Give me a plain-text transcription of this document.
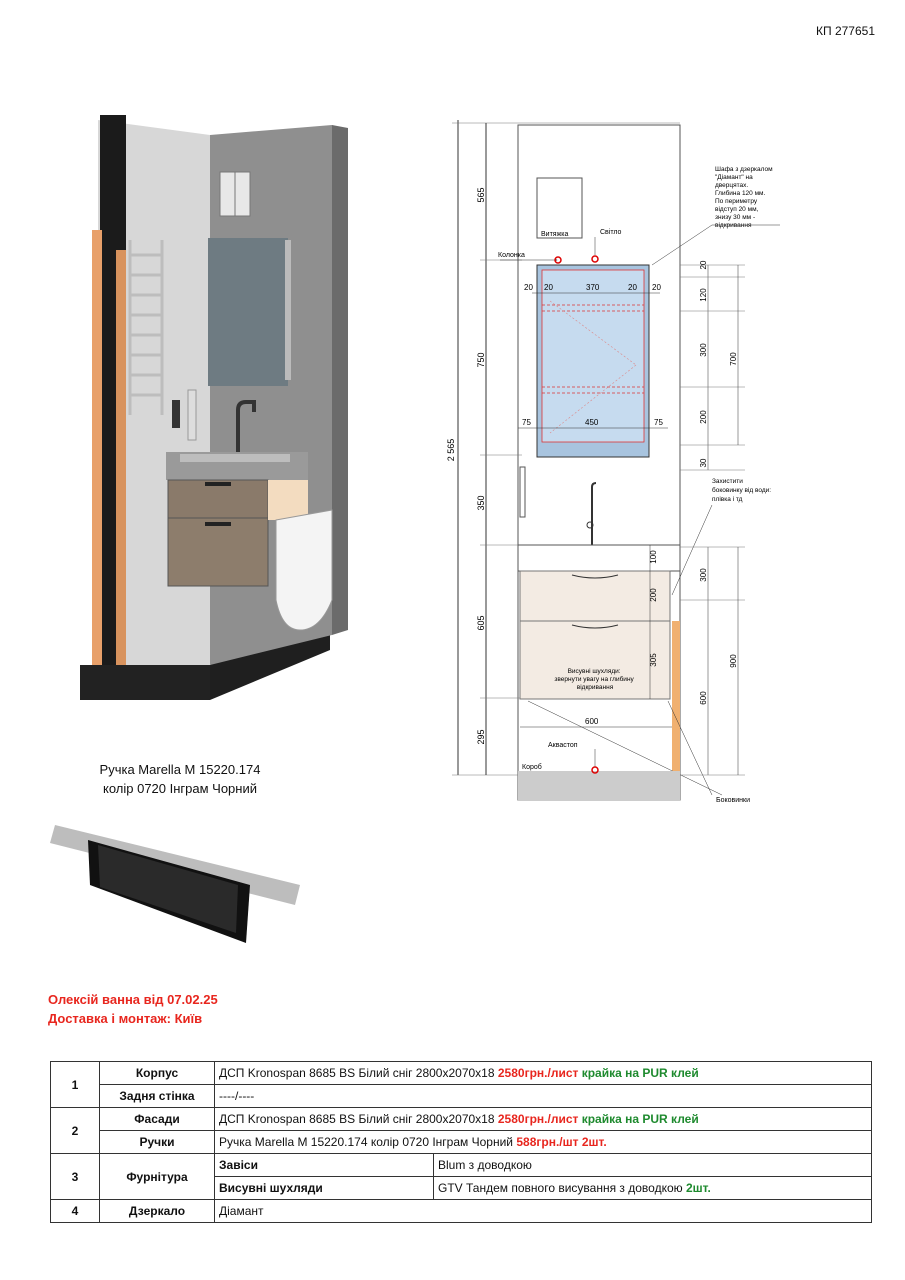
КП 277651
2 565
565
750
350
605
295
Витяжка	Світло
Колонка
Шафа з дзеркалом "Діамант" на дверцятах. Глибина 120 мм. По периметру відступ 20 мм, знизу 30 мм - відкривання
20 20	370	20 20
75	450	75
20
120
300
200
30
700
Захистити боковинку від води: плівка і тд
100
200
305
Висувні шухляди: звернути увагу на глибину відкривання
600
Аквастоп
Короб
300
600
900
Боковинки
Ручка Marella M 15220.174
колір 0720 Інграм Чорний
Олексій ванна від 07.02.25
Доставка і монтаж: Київ
1	Корпус	ДСП Kronospan 8685 BS Білий сніг 2800х2070х18 2580грн./лист крайка на PUR клей	
	Задня стінка	----/----	
2	Фасади	ДСП Kronospan 8685 BS Білий сніг 2800х2070х18 2580грн./лист крайка на PUR клей	
	Ручки	Ручка Marella M 15220.174 колір 0720 Інграм Чорний 588грн./шт 2шт.	
3	Фурнітура	Завіси	Blum з доводкою
		Висувні шухляди	GTV Тандем повного висування з доводкою 2шт.
4	Дзеркало	Діамант	
